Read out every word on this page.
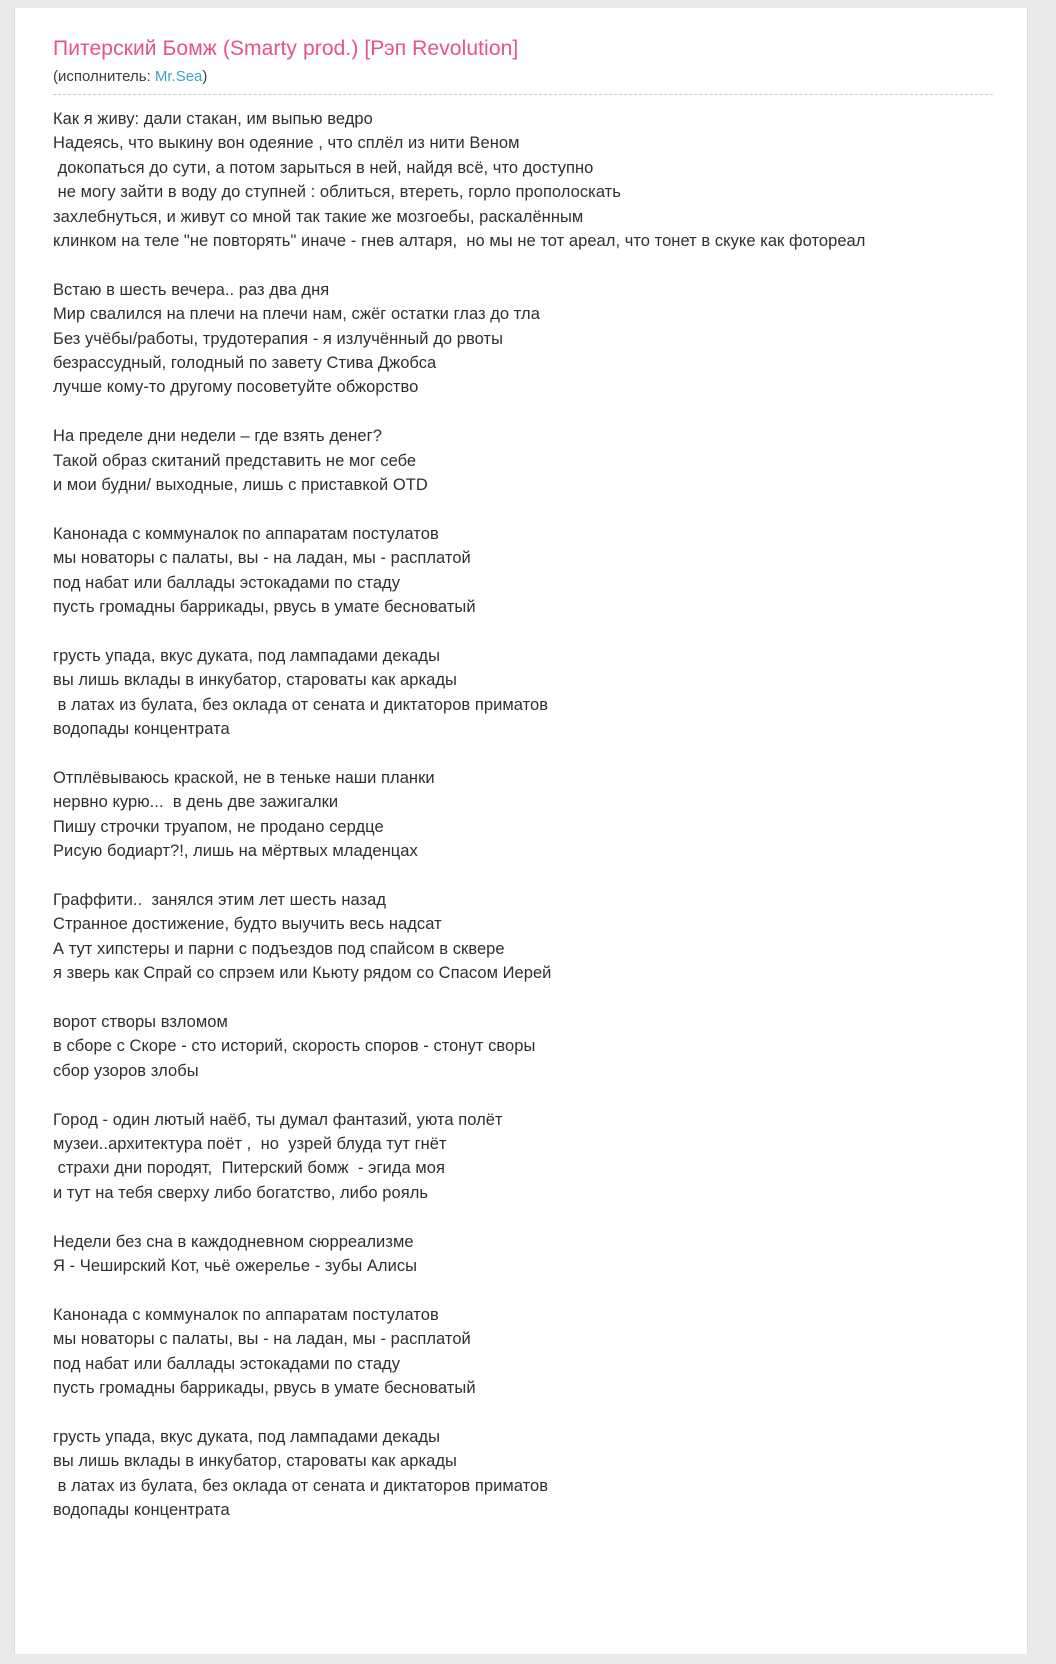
Питерский Бомж (Smarty prod.) [Рэп Revolution]
(исполнитель: Mr.Sea)
Как я живу: дали стакан, им выпью ведро
Надеясь, что выкину вон одеяние , что сплёл из нити Веном
докопаться до сути, а потом зарыться в ней, найдя всё, что доступно
не могу зайти в воду до ступней : облиться, втереть, горло прополоскать
захлебнуться, и живут со мной так такие же мозгоебы, раскалённым
клинком на теле "не повторять" иначе - гнев алтаря,  но мы не тот ареал, что тонет в скуке как фотореал
Встаю в шесть вечера.. раз два дня
Мир свалился на плечи на плечи нам, сжёг остатки глаз до тла
Без учёбы/работы, трудотерапия - я излучённый до рвоты
безрассудный, голодный по завету Стива Джобса
лучше кому-то другому посоветуйте обжорство
На пределе дни недели – где взять денег?
Такой образ скитаний представить не мог себе
и мои будни/ выходные, лишь с приставкой OTD
Канонада с коммуналок по аппаратам постулатов
мы новаторы с палаты, вы - на ладан, мы - расплатой
под набат или баллады эстокадами по стаду
пусть громадны баррикады, рвусь в умате бесноватый
грусть упада, вкус дуката, под лампадами декады
вы лишь вклады в инкубатор, староваты как аркады
в латах из булата, без оклада от сената и диктаторов приматов
водопады концентрата
Отплёвываюсь краской, не в теньке наши планки
нервно курю...  в день две зажигалки
Пишу строчки труапом, не продано сердце
Рисую бодиарт?!, лишь на мёртвых младенцах
Граффити..  занялся этим лет шесть назад
Странное достижение, будто выучить весь надсат
А тут хипстеры и парни с подъездов под спайсом в сквере
я зверь как Спрай со спрэем или Кьюту рядом со Спасом Иерей
ворот створы взломом
в сборе с Скоре - сто историй, скорость споров - стонут своры
сбор узоров злобы
Город - один лютый наёб, ты думал фантазий, уюта полёт
музеи..архитектура поёт ,  но  узрей блуда тут гнёт
страхи дни породят,  Питерский бомж  - эгида моя
и тут на тебя сверху либо богатство, либо рояль
Недели без сна в каждодневном сюрреализме
Я - Чеширский Кот, чьё ожерелье - зубы Алисы
Канонада с коммуналок по аппаратам постулатов
мы новаторы с палаты, вы - на ладан, мы - расплатой
под набат или баллады эстокадами по стаду
пусть громадны баррикады, рвусь в умате бесноватый
грусть упада, вкус дуката, под лампадами декады
вы лишь вклады в инкубатор, староваты как аркады
в латах из булата, без оклада от сената и диктаторов приматов
водопады концентрата
